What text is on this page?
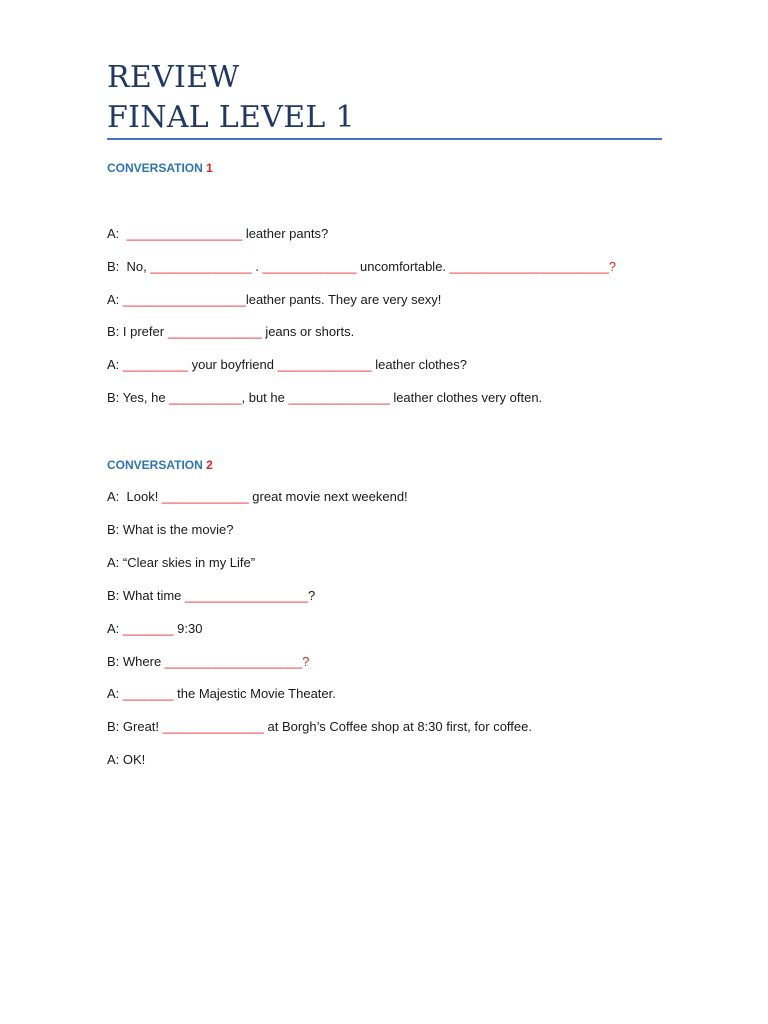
REVIEW
FINAL LEVEL 1
CONVERSATION 1
A:  ________________ leather pants?
B:  No, ______________ . _____________ uncomfortable. ______________________?
A: _________________leather pants. They are very sexy!
B: I prefer _____________ jeans or shorts.
A: _________ your boyfriend _____________ leather clothes?
B: Yes, he __________, but he ______________ leather clothes very often.
CONVERSATION 2
A:  Look! ____________ great movie next weekend!
B: What is the movie?
A: “Clear skies in my Life”
B: What time _________________?
A: _______ 9:30
B: Where ___________________?
A: _______ the Majestic Movie Theater.
B: Great! ______________ at Borgh’s Coffee shop at 8:30 first, for coffee.
A: OK!
